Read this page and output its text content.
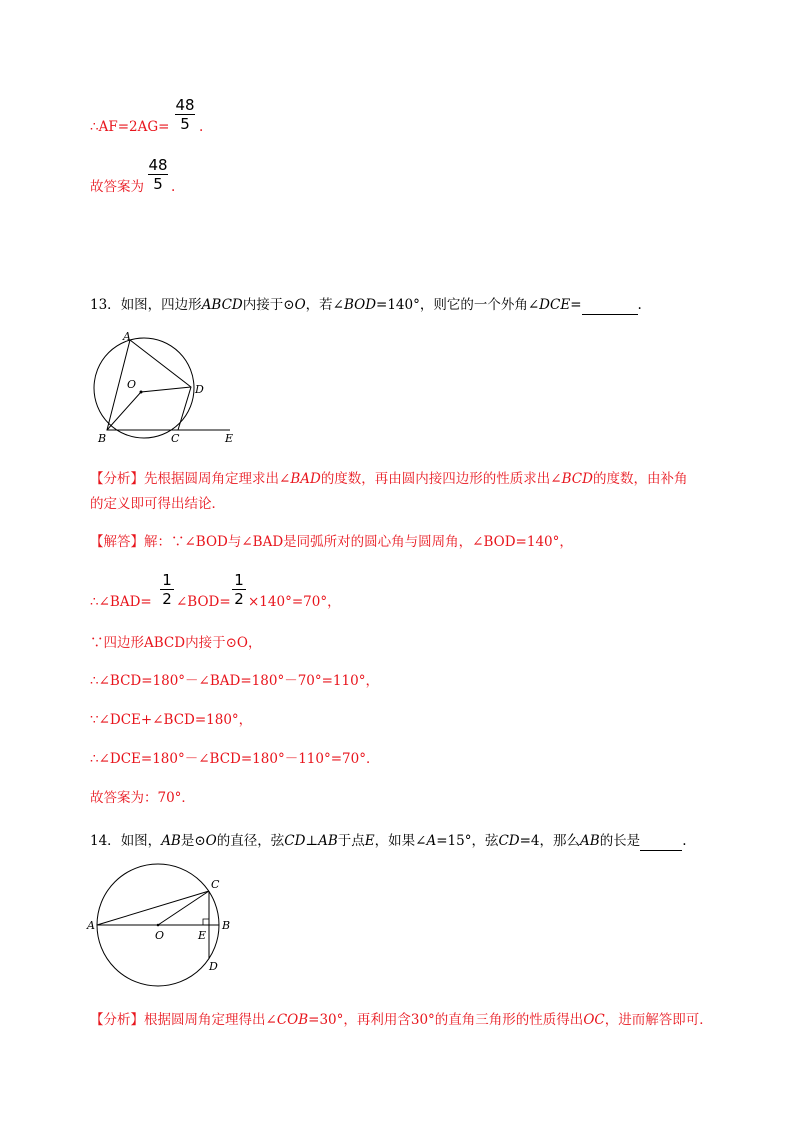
∴AF=2AG=
48
5 .
故答案为
48
5 .
13．如图，四边形ABCD内接于⊙O，若∠BOD=140°，则它的一个外角∠DCE=	.
A
O	D
B	C	E
【分析】先根据圆周角定理求出∠BAD的度数，再由圆内接四边形的性质求出∠BCD的度数，由补角
的定义即可得出结论．
【解答】解：∵∠BOD与∠BAD是同弧所对的圆心角与圆周角，∠BOD=140°，
∴∠BAD=
1
2 ∠BOD=
1
2 ×140°=70°，
∵四边形ABCD内接于⊙O，
∴∠BCD=180°－∠BAD=180°－70°=110°，
∵∠DCE+∠BCD=180°，
∴∠DCE=180°－∠BCD=180°－110°=70°．
故答案为：70°．
14．如图，AB是⊙O的直径，弦CD⊥AB于点E，如果∠A=15°，弦CD=4，那么AB的长是	.
A
O	E
B
C
D
【分析】根据圆周角定理得出∠COB=30°，再利用含30°的直角三角形的性质得出OC，进而解答即可．
